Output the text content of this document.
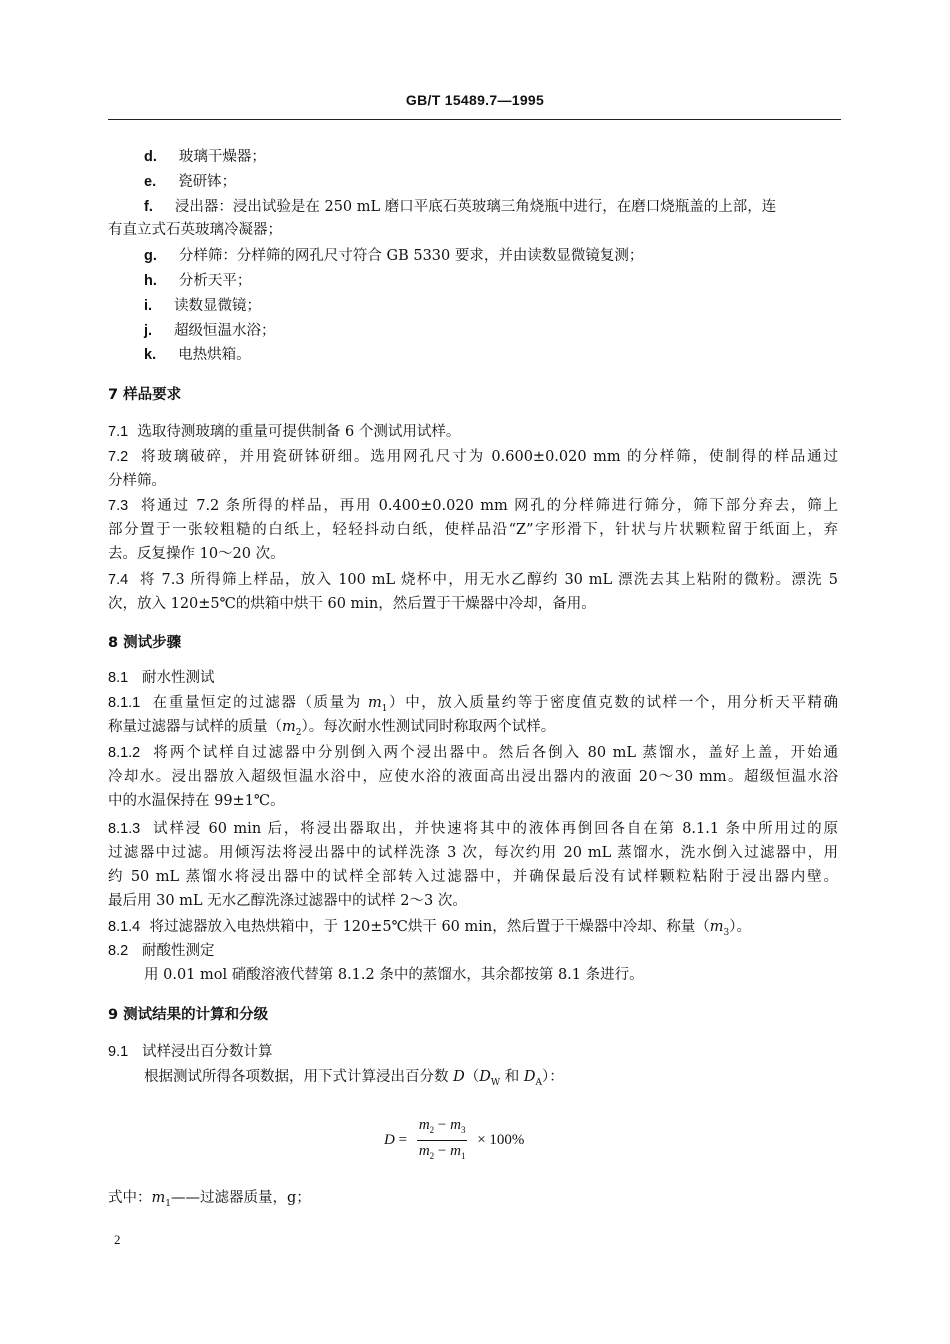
GB/T 15489.7—1995
d. 玻璃干燥器；
e. 瓷研钵；
f. 浸出器：浸出试验是在 250 mL 磨口平底石英玻璃三角烧瓶中进行，在磨口烧瓶盖的上部，连
有直立式石英玻璃冷凝器；
g. 分样筛：分样筛的网孔尺寸符合 GB 5330 要求，并由读数显微镜复测；
h. 分析天平；
i. 读数显微镜；
j. 超级恒温水浴；
k. 电热烘箱。
7 样品要求
7.1 选取待测玻璃的重量可提供制备 6 个测试用试样。
7.2 将玻璃破碎，并用瓷研钵研细。选用网孔尺寸为 0.600±0.020 mm 的分样筛，使制得的样品通过
分样筛。
7.3 将通过 7.2 条所得的样品，再用 0.400±0.020 mm 网孔的分样筛进行筛分，筛下部分弃去，筛上
部分置于一张较粗糙的白纸上，轻轻抖动白纸，使样品沿“Z”字形滑下，针状与片状颗粒留于纸面上，弃
去。反复操作 10～20 次。
7.4 将 7.3 所得筛上样品，放入 100 mL 烧杯中，用无水乙醇约 30 mL 漂洗去其上粘附的微粉。漂洗 5
次，放入 120±5℃的烘箱中烘干 60 min，然后置于干燥器中冷却，备用。
8 测试步骤
8.1 耐水性测试
8.1.1 在重量恒定的过滤器（质量为 $m_1$）中，放入质量约等于密度值克数的试样一个，用分析天平精确
称量过滤器与试样的质量$(m_2)$。每次耐水性测试同时称取两个试样。
8.1.2 将两个试样自过滤器中分别倒入两个浸出器中。然后各倒入 80 mL 蒸馏水，盖好上盖，开始通
冷却水。浸出器放入超级恒温水浴中，应使水浴的液面高出浸出器内的液面 20～30 mm。超级恒温水浴
中的水温保持在 99±1℃。
8.1.3 试样浸 60 min 后，将浸出器取出，并快速将其中的液体再倒回各自在第 8.1.1 条中所用过的原
过滤器中过滤。用倾泻法将浸出器中的试样洗涤 3 次，每次约用 20 mL 蒸馏水，洗水倒入过滤器中，用
约 50 mL 蒸馏水将浸出器中的试样全部转入过滤器中，并确保最后没有试样颗粒粘附于浸出器内壁。
最后用 30 mL 无水乙醇洗涤过滤器中的试样 2～3 次。
8.1.4 将过滤器放入电热烘箱中，于 120±5℃烘干 60 min，然后置于干燥器中冷却、称量$(m_3)$。
8.2 耐酸性测定
用 0.01 mol 硝酸溶液代替第 8.1.2 条中的蒸馏水，其余都按第 8.1 条进行。
9 测试结果的计算和分级
9.1 试样浸出百分数计算
根据测试所得各项数据，用下式计算浸出百分数 $D(D_W$ 和 $D_A$）：
$D = \frac{m_2 - m_3}{m_2 - m_1} \times 100\%$
式中：$m_1——$过滤器质量，g；
2
